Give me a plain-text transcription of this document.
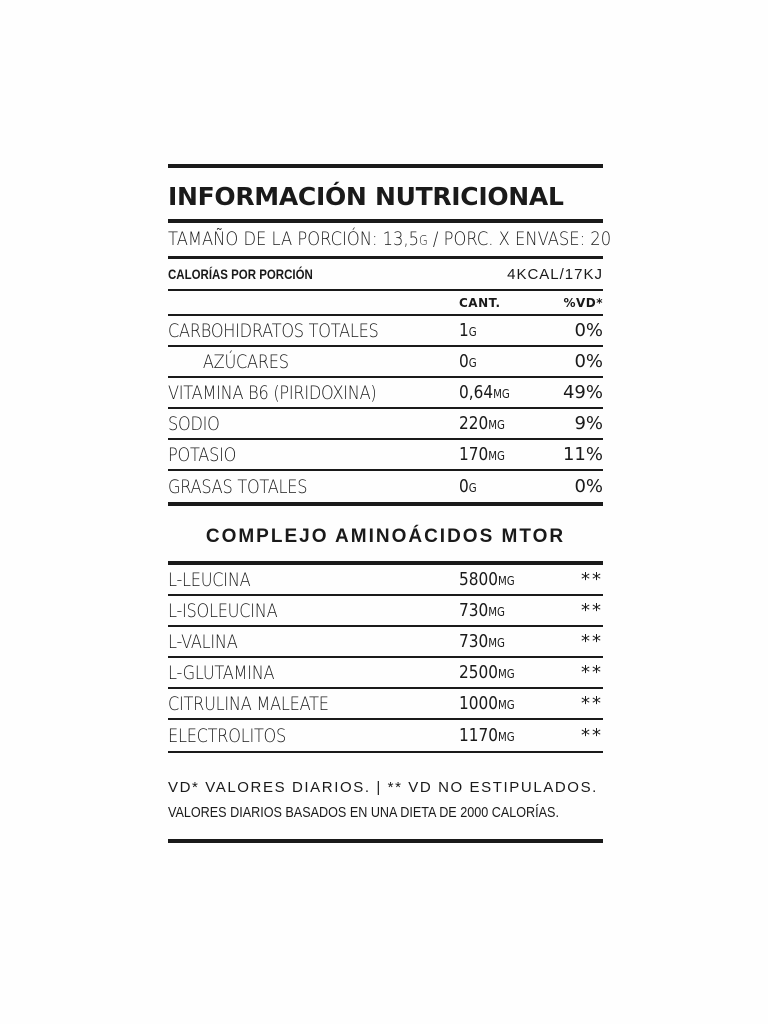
INFORMACIÓN NUTRICIONAL
TAMAÑO DE LA PORCIÓN: 13,5G / PORC. X ENVASE: 20
CALORÍAS POR PORCIÓN	4KCAL/17KJ
CANT.	%VD*
CARBOHIDRATOS TOTALES	1G	0%
AZÚCARES	0G	0%
VITAMINA B6 (PIRIDOXINA)	0,64MG	49%
SODIO	220MG	9%
POTASIO	170MG	11%
GRASAS TOTALES	0G	0%
COMPLEJO AMINOÁCIDOS MTOR
L-LEUCINA	5800MG	**
L-ISOLEUCINA	730MG	**
L-VALINA	730MG	**
L-GLUTAMINA	2500MG	**
CITRULINA MALEATE	1000MG	**
ELECTROLITOS	1170MG	**
VD* VALORES DIARIOS. | ** VD NO ESTIPULADOS.
VALORES DIARIOS BASADOS EN UNA DIETA DE 2000 CALORÍAS.
